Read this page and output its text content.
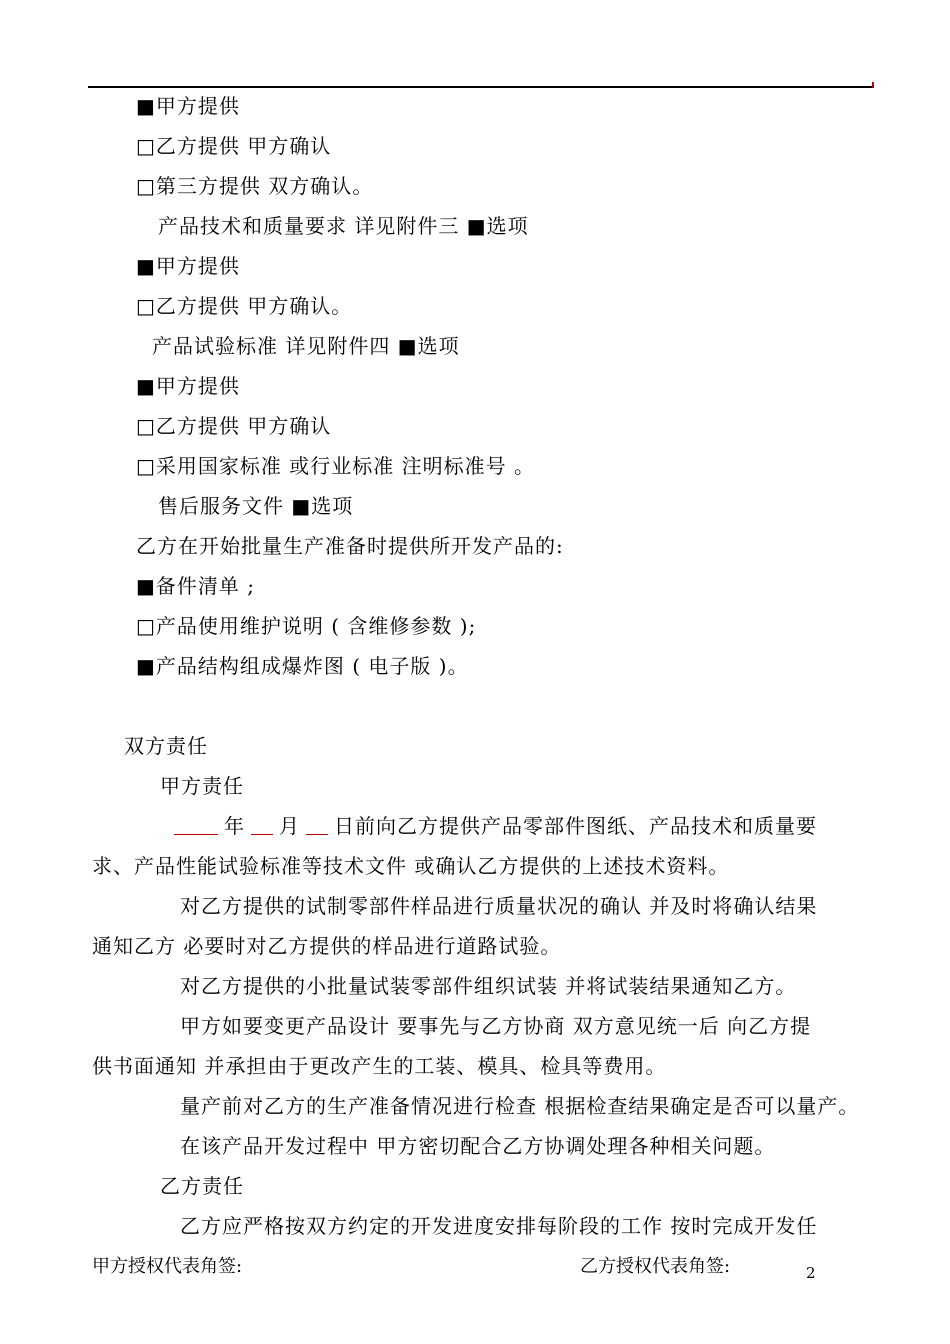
■甲方提供
□乙方提供 甲方确认
□第三方提供 双方确认。
产品技术和质量要求 详见附件三 ■选项
■甲方提供
□乙方提供 甲方确认。
产品试验标准 详见附件四 ■选项
■甲方提供
□乙方提供 甲方确认
□采用国家标准 或行业标准 注明标准号 。
售后服务文件 ■选项
乙方在开始批量生产准备时提供所开发产品的:
■备件清单 ;
□产品使用维护说明 ( 含维修参数 );
■产品结构组成爆炸图 ( 电子版 )。
双方责任
甲方责任
年 月 日前向乙方提供产品零部件图纸、产品技术和质量要
求、产品性能试验标准等技术文件 或确认乙方提供的上述技术资料。
对乙方提供的试制零部件样品进行质量状况的确认 并及时将确认结果
通知乙方 必要时对乙方提供的样品进行道路试验。
对乙方提供的小批量试装零部件组织试装 并将试装结果通知乙方。
甲方如要变更产品设计 要事先与乙方协商 双方意见统一后 向乙方提
供书面通知 并承担由于更改产生的工装、模具、检具等费用。
量产前对乙方的生产准备情况进行检查 根据检查结果确定是否可以量产。
在该产品开发过程中 甲方密切配合乙方协调处理各种相关问题。
乙方责任
乙方应严格按双方约定的开发进度安排每阶段的工作 按时完成开发任
甲方授权代表角签:	乙方授权代表角签:	2
